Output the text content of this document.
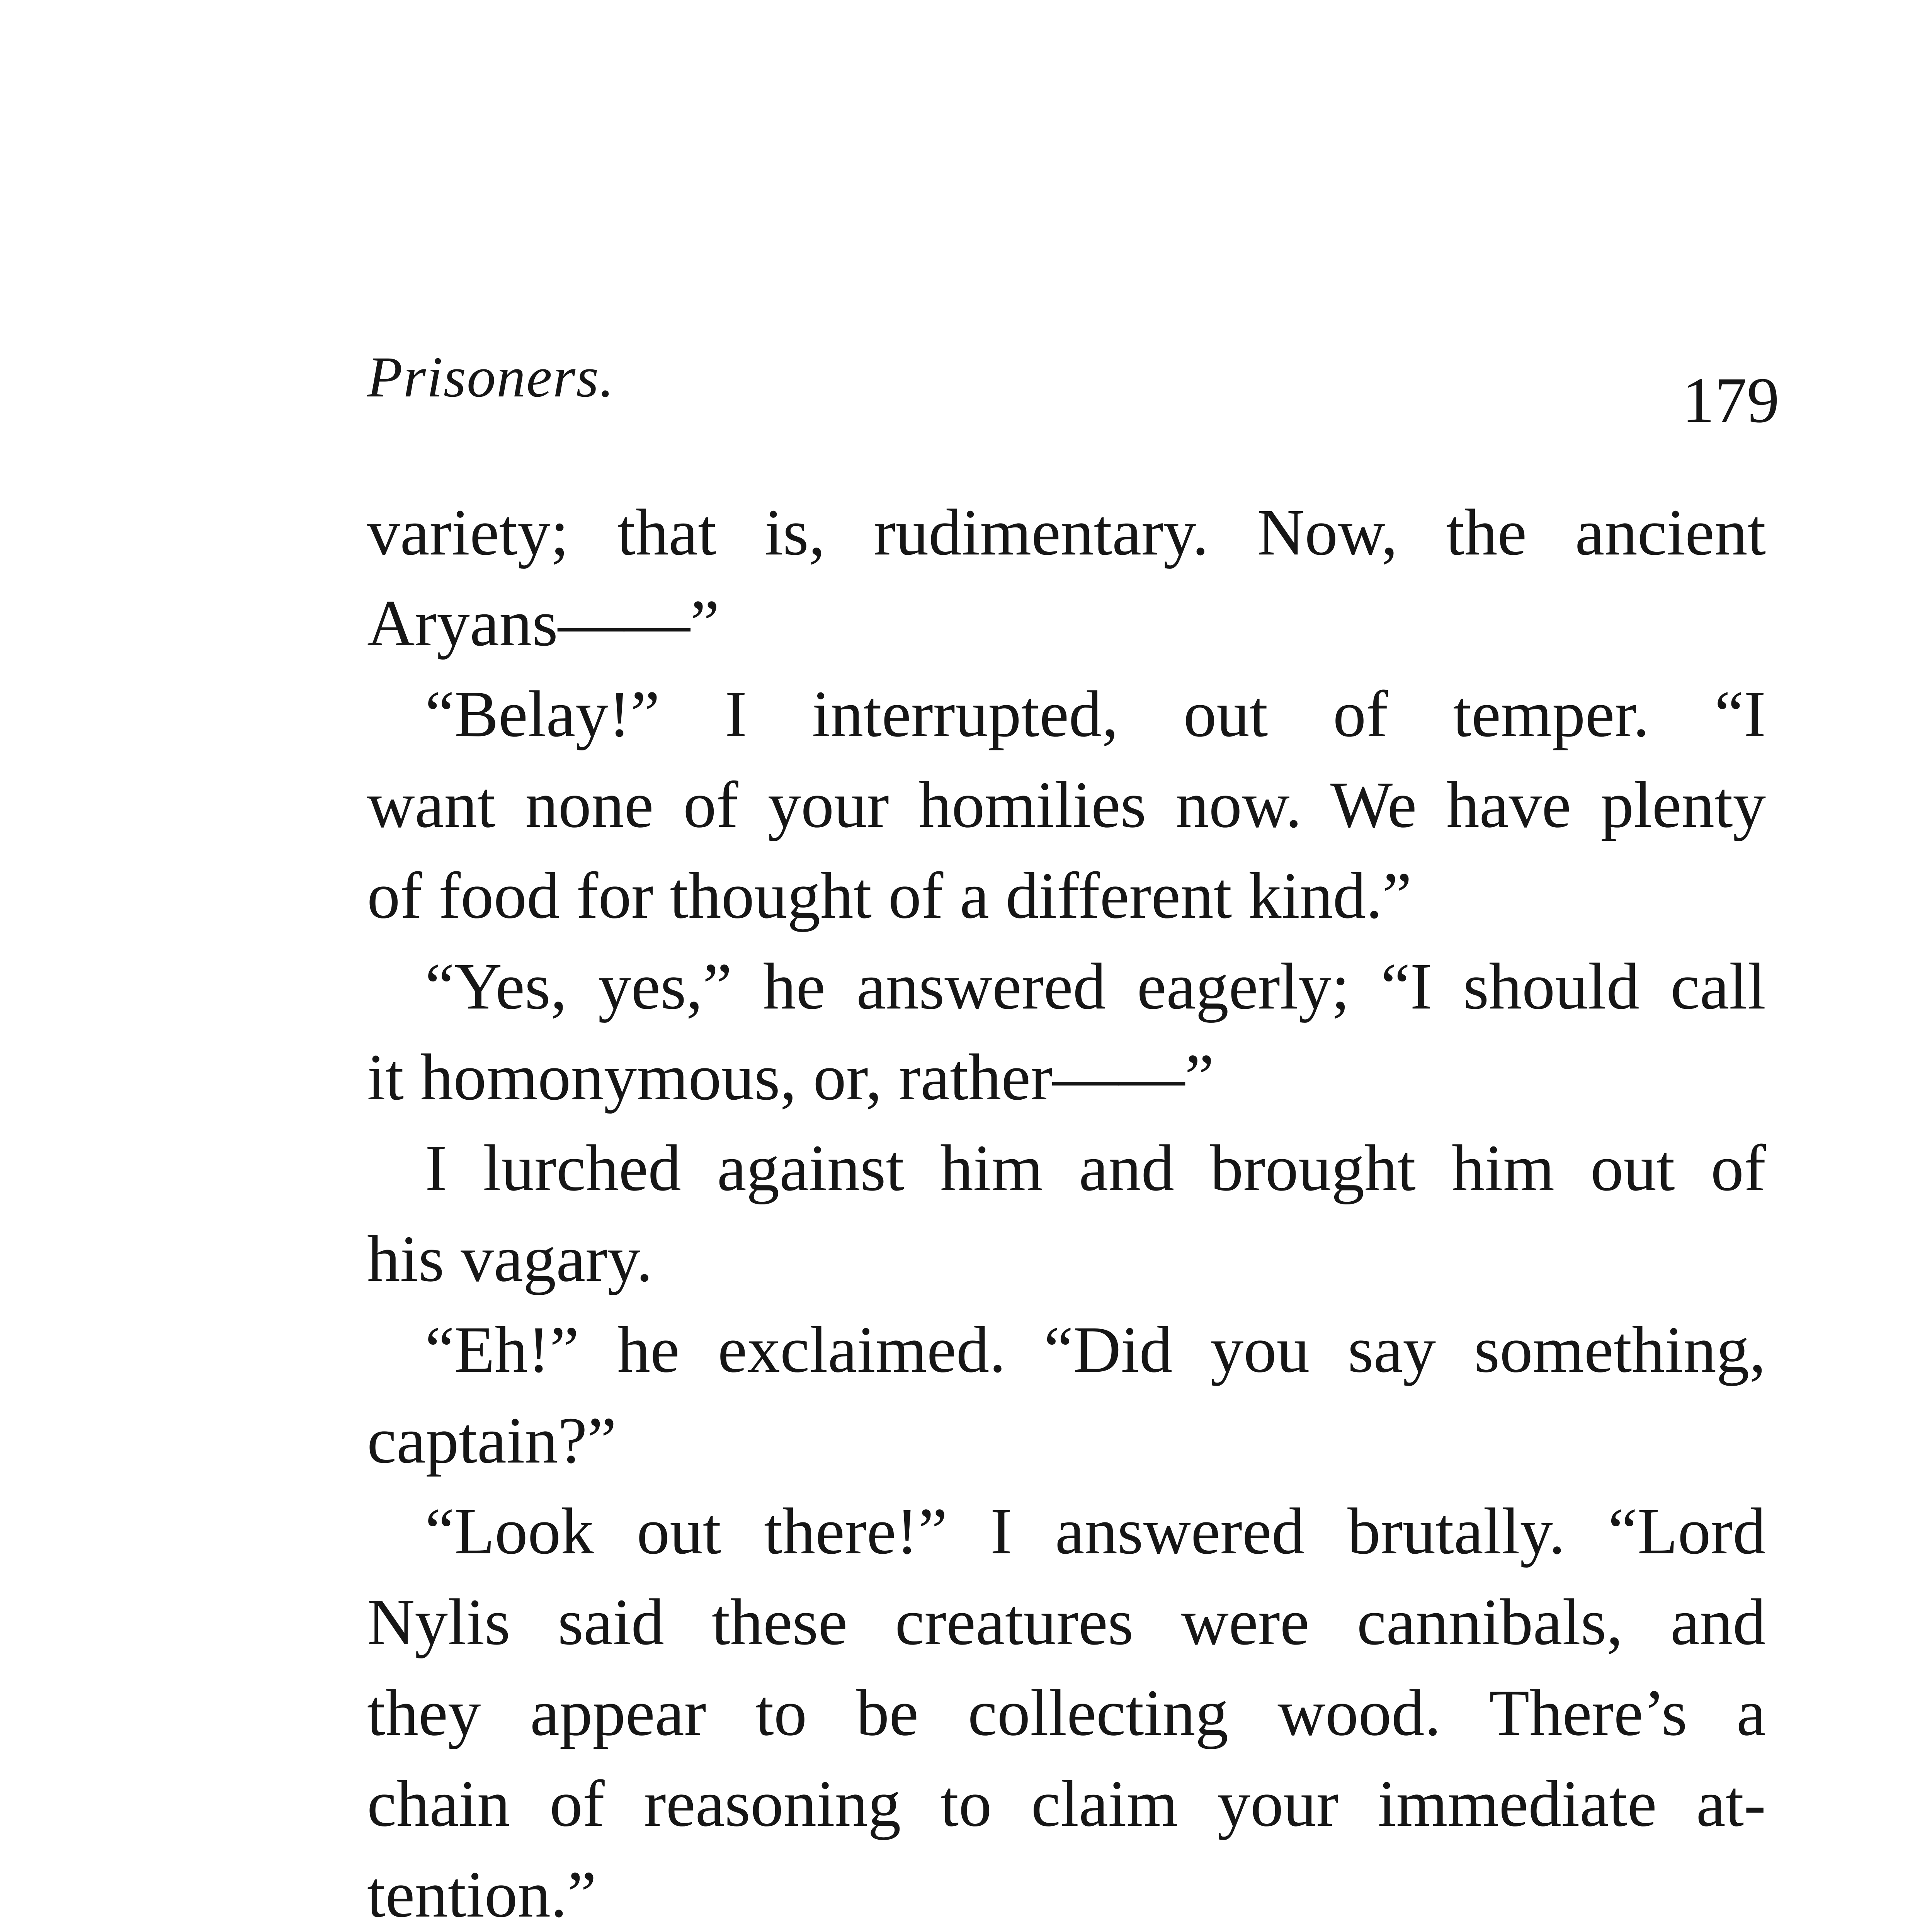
Prisoners.	179
variety; that is, rudimentary. Now, the ancient
Aryans——”
“Belay!” I interrupted, out of temper. “I
want none of your homilies now. We have plenty
of food for thought of a different kind.”
“Yes, yes,” he answered eagerly; “I should call
it homonymous, or, rather——”
I lurched against him and brought him out of
his vagary.
“Eh!” he exclaimed. “Did you say something,
captain?”
“Look out there!” I answered brutally. “Lord
Nylis said these creatures were cannibals, and
they appear to be collecting wood. There’s a
chain of reasoning to claim your immediate at-
tention.”
